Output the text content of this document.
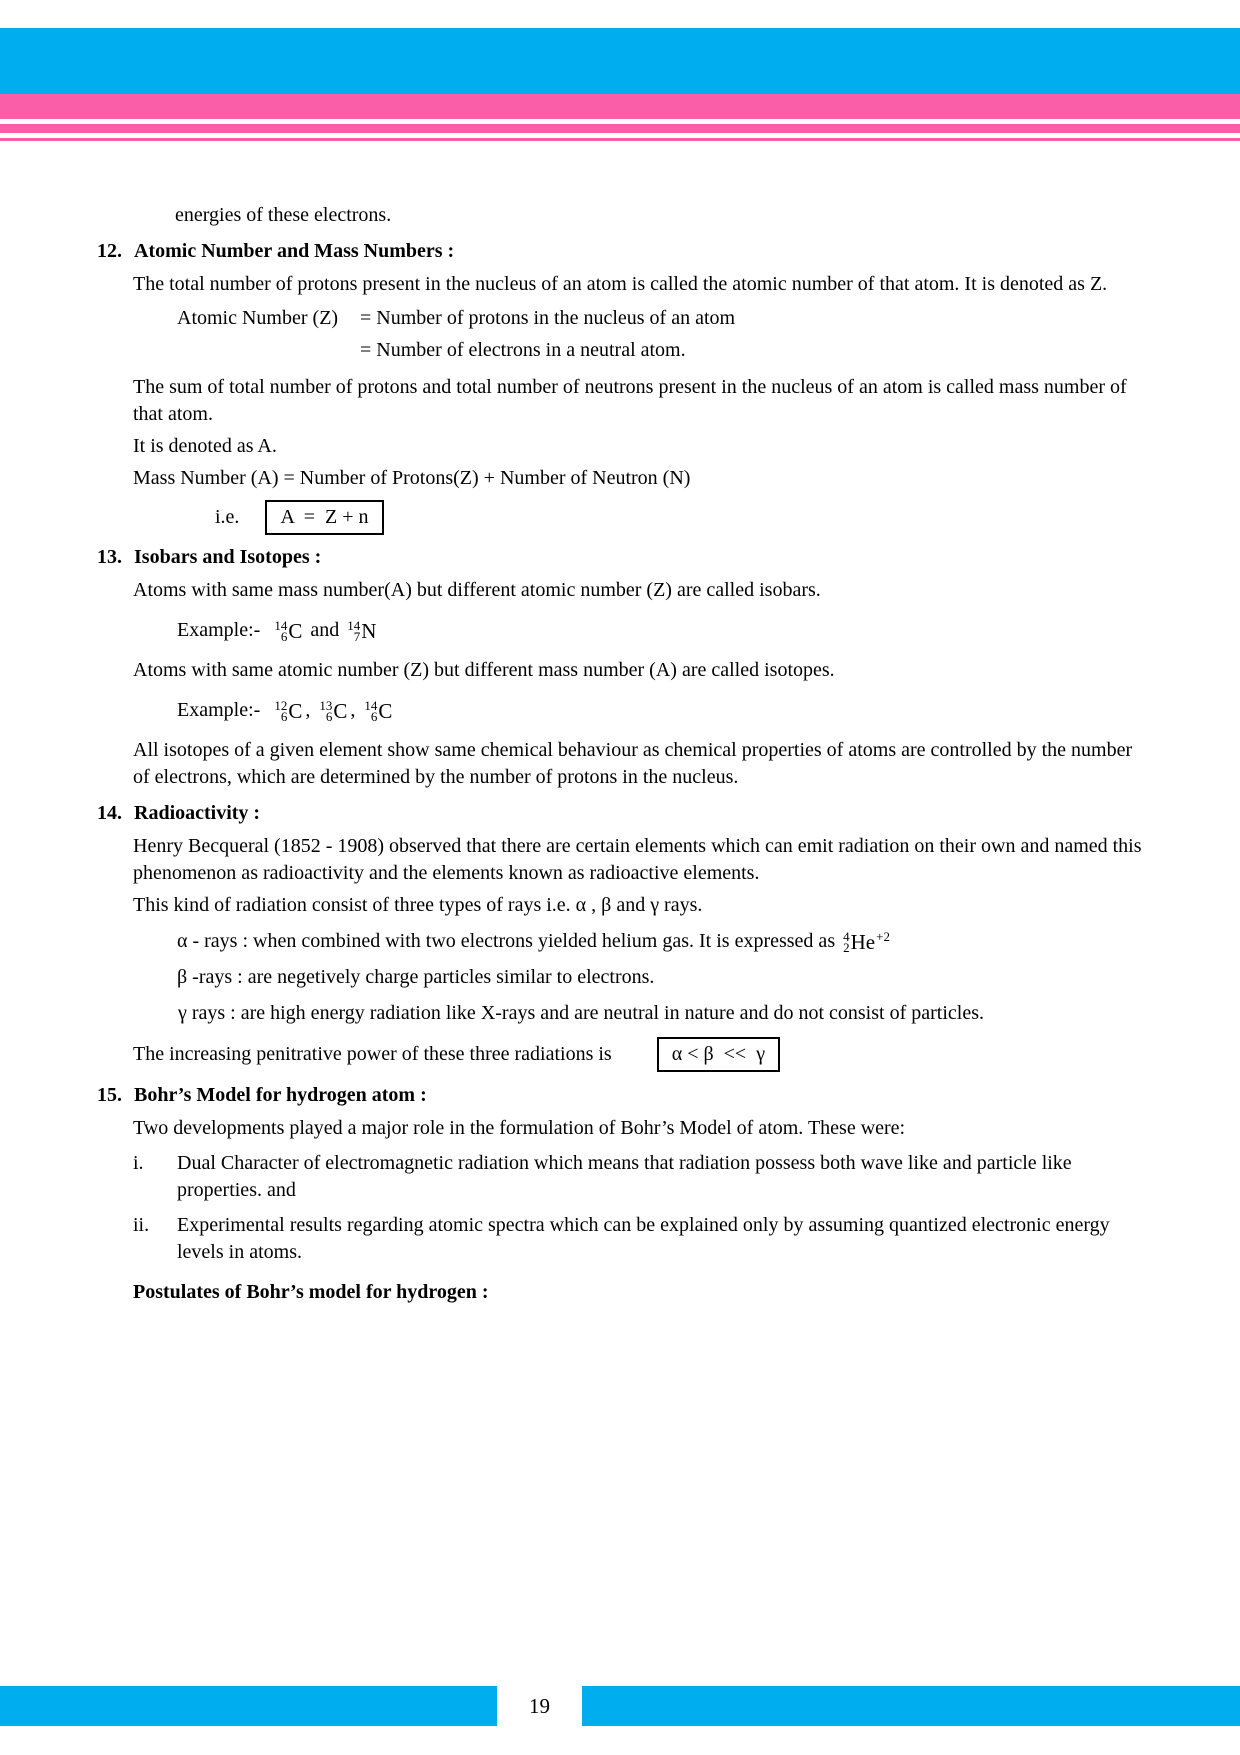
energies of these electrons.
12. Atomic Number and Mass Numbers :
The total number of protons present in the nucleus of an atom is called the atomic number of that atom. It is denoted as Z.
Atomic Number (Z)	= Number of protons in the nucleus of an atom
= Number of electrons in a neutral atom.
The sum of total number of protons and total number of neutrons present in the nucleus of an atom is called mass number of that atom.
It is denoted as A.
Mass Number (A) = Number of Protons(Z) + Number of Neutron (N)
i.e.	A  =  Z + n
13. Isobars and Isotopes :
Atoms with same mass number(A) but different atomic number (Z) are called isobars.
Example:- 14
6 C and 14
7 N
Atoms with same atomic number (Z) but different mass number (A) are called isotopes.
Example:- 12
6 C , 13
6 C , 14
6 C
All isotopes of a given element show same chemical behaviour as chemical properties of atoms are controlled by the number of electrons, which are determined by the number of protons in the nucleus.
14. Radioactivity :
Henry Becqueral (1852 - 1908) observed that there are certain elements which can emit radiation on their own and named this phenomenon as radioactivity and the elements known as radioactive elements.
This kind of radiation consist of three types of rays i.e. α , β and γ rays.
α - rays : when combined with two electrons yielded helium gas. It is expressed as 4
2 He +2
β -rays : are negetively charge particles similar to electrons.
γ rays : are high energy radiation like X-rays and are neutral in nature and do not consist of particles.
The increasing penitrative power of these three radiations is	α < β  <<  γ
15. Bohr’s Model for hydrogen atom :
Two developments played a major role in the formulation of Bohr’s Model of atom. These were:
i.	Dual Character of electromagnetic radiation which means that radiation possess both wave like and particle like properties. and
ii.	Experimental results regarding atomic spectra which can be explained only by assuming quantized electronic energy levels in atoms.
Postulates of Bohr’s model for hydrogen :
19
